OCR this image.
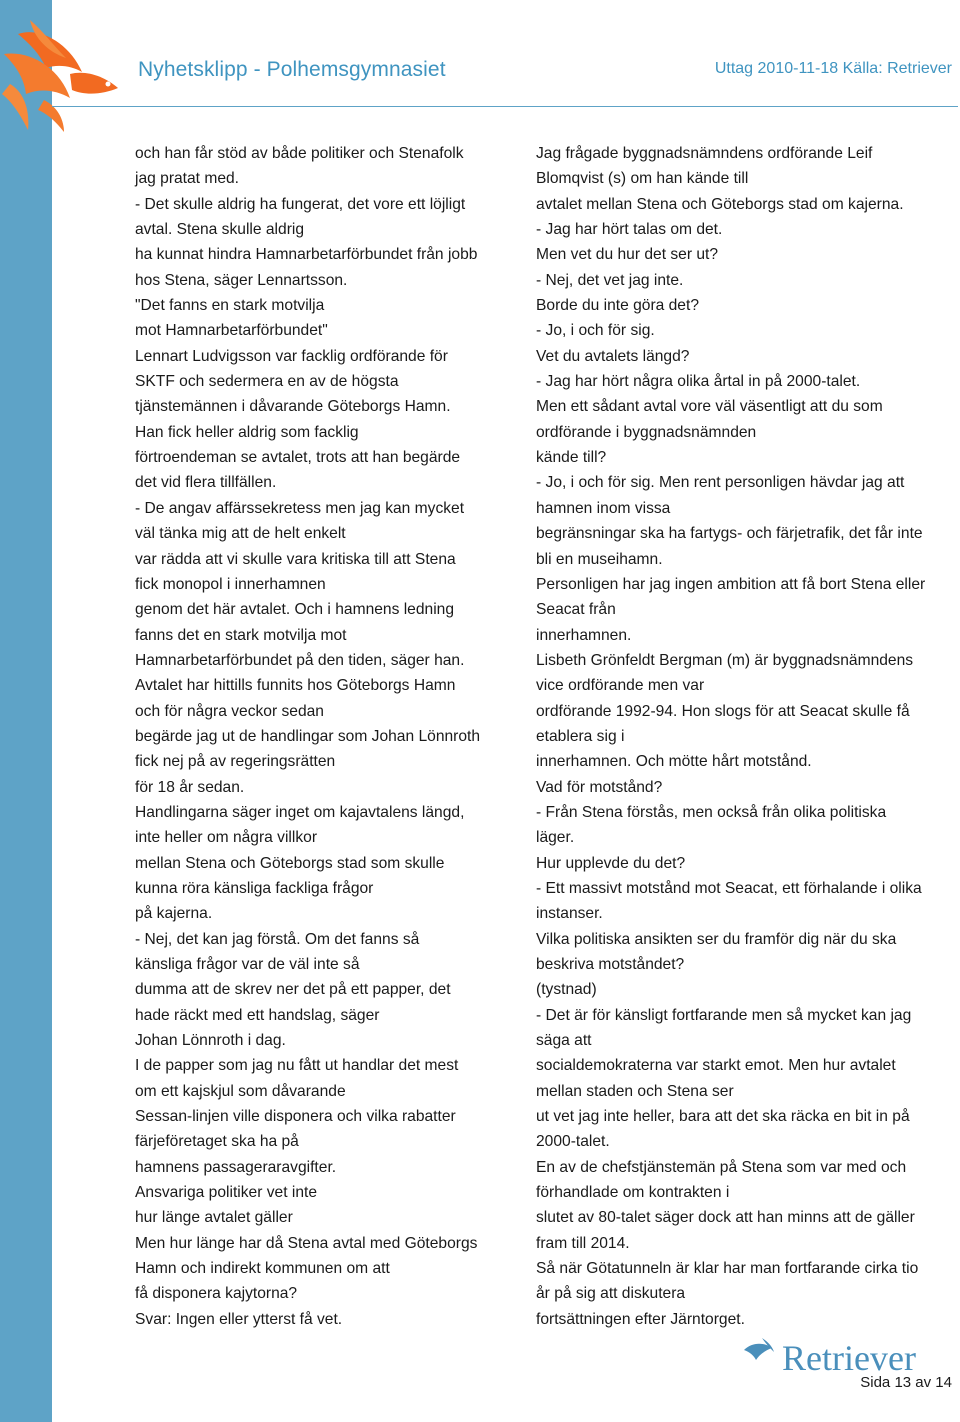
Nyhetsklipp - Polhemsgymnasiet	Uttag 2010-11-18 Källa: Retriever
och han får stöd av både politiker och Stenafolk
jag pratat med.
- Det skulle aldrig ha fungerat, det vore ett löjligt
avtal. Stena skulle aldrig
ha kunnat hindra Hamnarbetarförbundet från jobb
hos Stena, säger Lennartsson.
"Det fanns en stark motvilja
mot Hamnarbetarförbundet"
Lennart Ludvigsson var facklig ordförande för
SKTF och sedermera en av de högsta
tjänstemännen i dåvarande Göteborgs Hamn.
Han fick heller aldrig som facklig
förtroendeman se avtalet, trots att han begärde
det vid flera tillfällen.
- De angav affärssekretess men jag kan mycket
väl tänka mig att de helt enkelt
var rädda att vi skulle vara kritiska till att Stena
fick monopol i innerhamnen
genom det här avtalet. Och i hamnens ledning
fanns det en stark motvilja mot
Hamnarbetarförbundet på den tiden, säger han.
Avtalet har hittills funnits hos Göteborgs Hamn
och för några veckor sedan
begärde jag ut de handlingar som Johan Lönnroth
fick nej på av regeringsrätten
för 18 år sedan.
Handlingarna säger inget om kajavtalens längd,
inte heller om några villkor
mellan Stena och Göteborgs stad som skulle
kunna röra känsliga fackliga frågor
på kajerna.
- Nej, det kan jag förstå. Om det fanns så
känsliga frågor var de väl inte så
dumma att de skrev ner det på ett papper, det
hade räckt med ett handslag, säger
Johan Lönnroth i dag.
I de papper som jag nu fått ut handlar det mest
om ett kajskjul som dåvarande
Sessan-linjen ville disponera och vilka rabatter
färjeföretaget ska ha på
hamnens passageraravgifter.
Ansvariga politiker vet inte
hur länge avtalet gäller
Men hur länge har då Stena avtal med Göteborgs
Hamn och indirekt kommunen om att
få disponera kajytorna?
Svar: Ingen eller ytterst få vet.
Jag frågade byggnadsnämndens ordförande Leif
Blomqvist (s) om han kände till
avtalet mellan Stena och Göteborgs stad om kajerna.
- Jag har hört talas om det.
Men vet du hur det ser ut?
- Nej, det vet jag inte.
Borde du inte göra det?
- Jo, i och för sig.
Vet du avtalets längd?
- Jag har hört några olika årtal in på 2000-talet.
Men ett sådant avtal vore väl väsentligt att du som
ordförande i byggnadsnämnden
kände till?
- Jo, i och för sig. Men rent personligen hävdar jag att
hamnen inom vissa
begränsningar ska ha fartygs- och färjetrafik, det får inte
bli en museihamn.
Personligen har jag ingen ambition att få bort Stena eller
Seacat från
innerhamnen.
Lisbeth Grönfeldt Bergman (m) är byggnadsnämndens
vice ordförande men var
ordförande 1992-94. Hon slogs för att Seacat skulle få
etablera sig i
innerhamnen. Och mötte hårt motstånd.
Vad för motstånd?
- Från Stena förstås, men också från olika politiska
läger.
Hur upplevde du det?
- Ett massivt motstånd mot Seacat, ett förhalande i olika
instanser.
Vilka politiska ansikten ser du framför dig när du ska
beskriva motståndet?
(tystnad)
- Det är för känsligt fortfarande men så mycket kan jag
säga att
socialdemokraterna var starkt emot. Men hur avtalet
mellan staden och Stena ser
ut vet jag inte heller, bara att det ska räcka en bit in på
2000-talet.
En av de chefstjänstemän på Stena som var med och
förhandlade om kontrakten i
slutet av 80-talet säger dock att han minns att de gäller
fram till 2014.
Så när Götatunneln är klar har man fortfarande cirka tio
år på sig att diskutera
fortsättningen efter Järntorget.
Retriever
Sida 13 av 14
